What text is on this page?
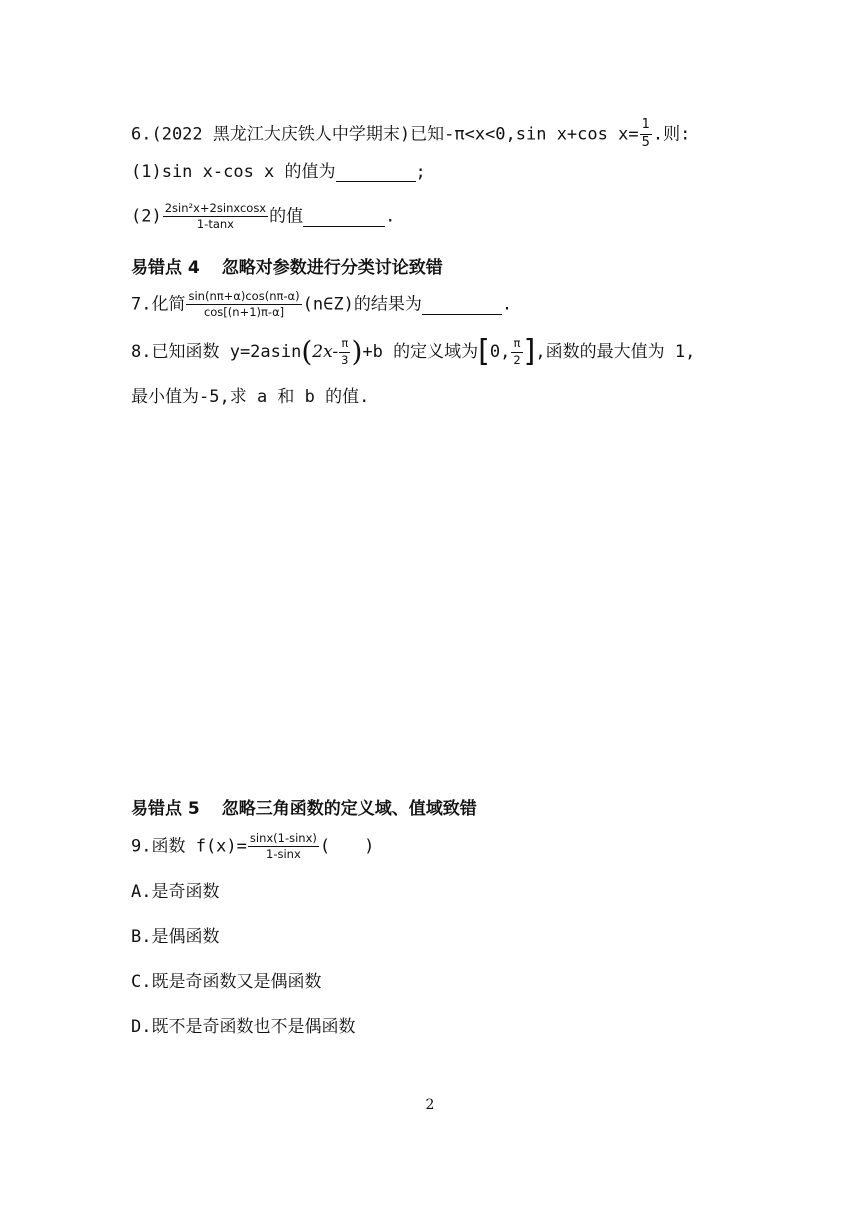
6.(2022 黑龙江大庆铁人中学期末)已知-π<x<0,sin x+cos $x= \frac{1}{5}$ .则:
(1)sin x-cos x 的值为	;
$(2) \frac{\text{2sin²x+2sinxcosx}}{1-\tan x}$ 的值	.
易错点 4 忽略对参数进行分类讨论致错
7.化简 $\frac{\sin(n\pi+\alpha)\cos(n\pi-\alpha)}{\cos[(n+1)\pi-\alpha]}$ (n∈Z)的结果为	.
8.已知函数 $y=2asin(2x- \frac{\pi}{3} )+b$ 的定义域为[0, $\frac{\pi}{2}$ ],函数的最大值为 1,
最小值为-5,求 a 和 b 的值.
易错点 5 忽略三角函数的定义域、值域致错
9.函数 $f(x)= \frac{\sin x(1-\sin x)}{1-\sin x}$ (　　)
A.是奇函数
B.是偶函数
C.既是奇函数又是偶函数
D.既不是奇函数也不是偶函数
2
